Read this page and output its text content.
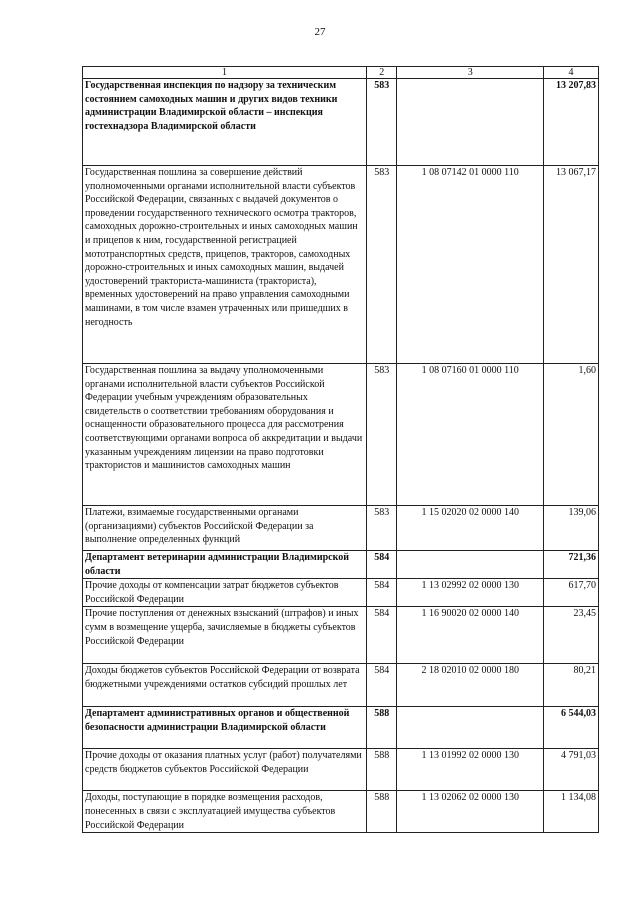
27
1	2	3	4
Государственная инспекция по надзору за техническим состоянием самоходных машин и других видов техники администрации Владимирской области – инспекция гостехнадзора Владимирской области	583		13 207,83
Государственная пошлина за совершение действий уполномоченными органами исполнительной власти субъектов Российской Федерации, связанных с выдачей документов о проведении государственного технического осмотра тракторов, самоходных дорожно-строительных и иных самоходных машин и прицепов к ним, государственной регистрацией мототранспортных средств, прицепов, тракторов, самоходных дорожно-строительных и иных самоходных машин, выдачей удостоверений тракториста-машиниста (тракториста), временных удостоверений на право управления самоходными машинами, в том числе взамен утраченных или пришедших в негодность	583	1 08 07142 01 0000 110	13 067,17
Государственная пошлина за выдачу уполномоченными органами исполнительной власти субъектов Российской Федерации учебным учреждениям образовательных свидетельств о соответствии требованиям оборудования и оснащенности образовательного процесса для рассмотрения соответствующими органами вопроса об аккредитации и выдачи указанным учреждениям лицензии на право подготовки трактористов и машинистов самоходных машин	583	1 08 07160 01 0000 110	1,60
Платежи, взимаемые государственными органами (организациями) субъектов Российской Федерации за выполнение определенных функций	583	1 15 02020 02 0000 140	139,06
Департамент ветеринарии администрации Владимирской области	584		721,36
Прочие доходы от компенсации затрат бюджетов субъектов Российской Федерации	584	1 13 02992 02 0000 130	617,70
Прочие поступления от денежных взысканий (штрафов) и иных сумм в возмещение ущерба, зачисляемые в бюджеты субъектов Российской Федерации	584	1 16 90020 02 0000 140	23,45
Доходы бюджетов субъектов Российской Федерации от возврата бюджетными учреждениями остатков субсидий прошлых лет	584	2 18 02010 02 0000 180	80,21
Департамент административных органов и общественной безопасности администрации Владимирской области	588		6 544,03
Прочие доходы от оказания платных услуг (работ) получателями средств бюджетов субъектов Российской Федерации	588	1 13 01992 02 0000 130	4 791,03
Доходы, поступающие в порядке возмещения расходов, понесенных в связи с эксплуатацией имущества субъектов Российской Федерации	588	1 13 02062 02 0000 130	1 134,08
